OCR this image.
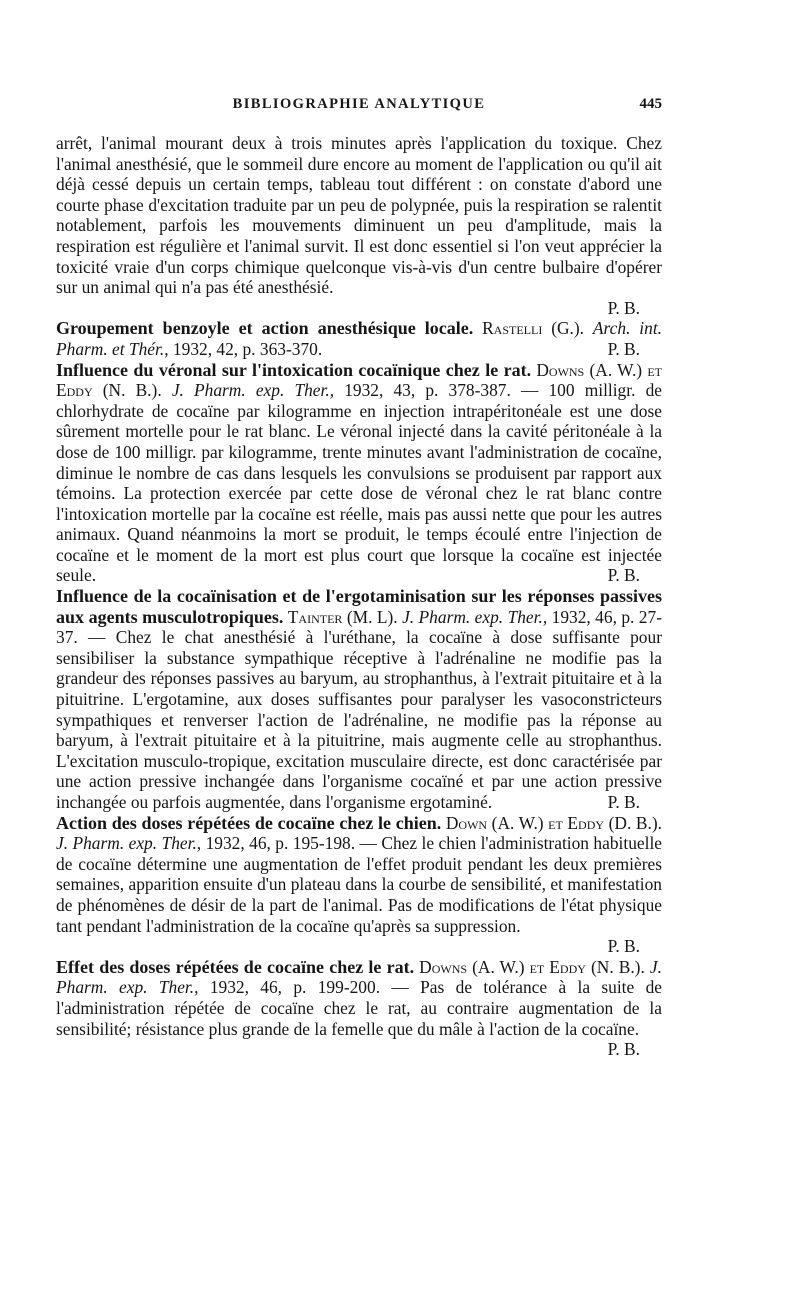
BIBLIOGRAPHIE ANALYTIQUE	445

arrêt, l'animal mourant deux à trois minutes après l'application du toxique. Chez l'animal anesthésié, que le sommeil dure encore au moment de l'application ou qu'il ait déjà cessé depuis un certain temps, tableau tout différent : on constate d'abord une courte phase d'excitation traduite par un peu de polypnée, puis la respiration se ralentit notablement, parfois les mouvements diminuent un peu d'amplitude, mais la respiration est régulière et l'animal survit. Il est donc essentiel si l'on veut apprécier la toxicité vraie d'un corps chimique quelconque vis-à-vis d'un centre bulbaire d'opérer sur un animal qui n'a pas été anesthésié.
P. B.

Groupement benzoyle et action anesthésique locale. Rastelli (G.). Arch. int. Pharm. et Thér., 1932, 42, p. 363-370.	P. B.

Influence du véronal sur l'intoxication cocaïnique chez le rat. Downs (A. W.) et Eddy (N. B.). J. Pharm. exp. Ther., 1932, 43, p. 378-387. — 100 milligr. de chlorhydrate de cocaïne par kilogramme en injection intrapéritonéale est une dose sûrement mortelle pour le rat blanc. Le véronal injecté dans la cavité péritonéale à la dose de 100 milligr. par kilogramme, trente minutes avant l'administration de cocaïne, diminue le nombre de cas dans lesquels les convulsions se produisent par rapport aux témoins. La protection exercée par cette dose de véronal chez le rat blanc contre l'intoxication mortelle par la cocaïne est réelle, mais pas aussi nette que pour les autres animaux. Quand néanmoins la mort se produit, le temps écoulé entre l'injection de cocaïne et le moment de la mort est plus court que lorsque la cocaïne est injectée seule.	P. B.

Influence de la cocaïnisation et de l'ergotaminisation sur les réponses passives aux agents musculotropiques. Tainter (M. L). J. Pharm. exp. Ther., 1932, 46, p. 27-37. — Chez le chat anesthésié à l'uréthane, la cocaïne à dose suffisante pour sensibiliser la substance sympathique réceptive à l'adrénaline ne modifie pas la grandeur des réponses passives au baryum, au strophanthus, à l'extrait pituitaire et à la pituitrine. L'ergotamine, aux doses suffisantes pour paralyser les vasoconstricteurs sympathiques et renverser l'action de l'adrénaline, ne modifie pas la réponse au baryum, à l'extrait pituitaire et à la pituitrine, mais augmente celle au strophanthus. L'excitation musculo-tropique, excitation musculaire directe, est donc caractérisée par une action pressive inchangée dans l'organisme cocaïné et par une action pressive inchangée ou parfois augmentée, dans l'organisme ergotaminé.	P. B.

Action des doses répétées de cocaïne chez le chien. Down (A. W.) et Eddy (D. B.). J. Pharm. exp. Ther., 1932, 46, p. 195-198. — Chez le chien l'administration habituelle de cocaïne détermine une augmentation de l'effet produit pendant les deux premières semaines, apparition ensuite d'un plateau dans la courbe de sensibilité, et manifestation de phénomènes de désir de la part de l'animal. Pas de modifications de l'état physique tant pendant l'administration de la cocaïne qu'après sa suppression.
P. B.

Effet des doses répétées de cocaïne chez le rat. Downs (A. W.) et Eddy (N. B.). J. Pharm. exp. Ther., 1932, 46, p. 199-200. — Pas de tolérance à la suite de l'administration répétée de cocaïne chez le rat, au contraire augmentation de la sensibilité; résistance plus grande de la femelle que du mâle à l'action de la cocaïne.
P. B.
